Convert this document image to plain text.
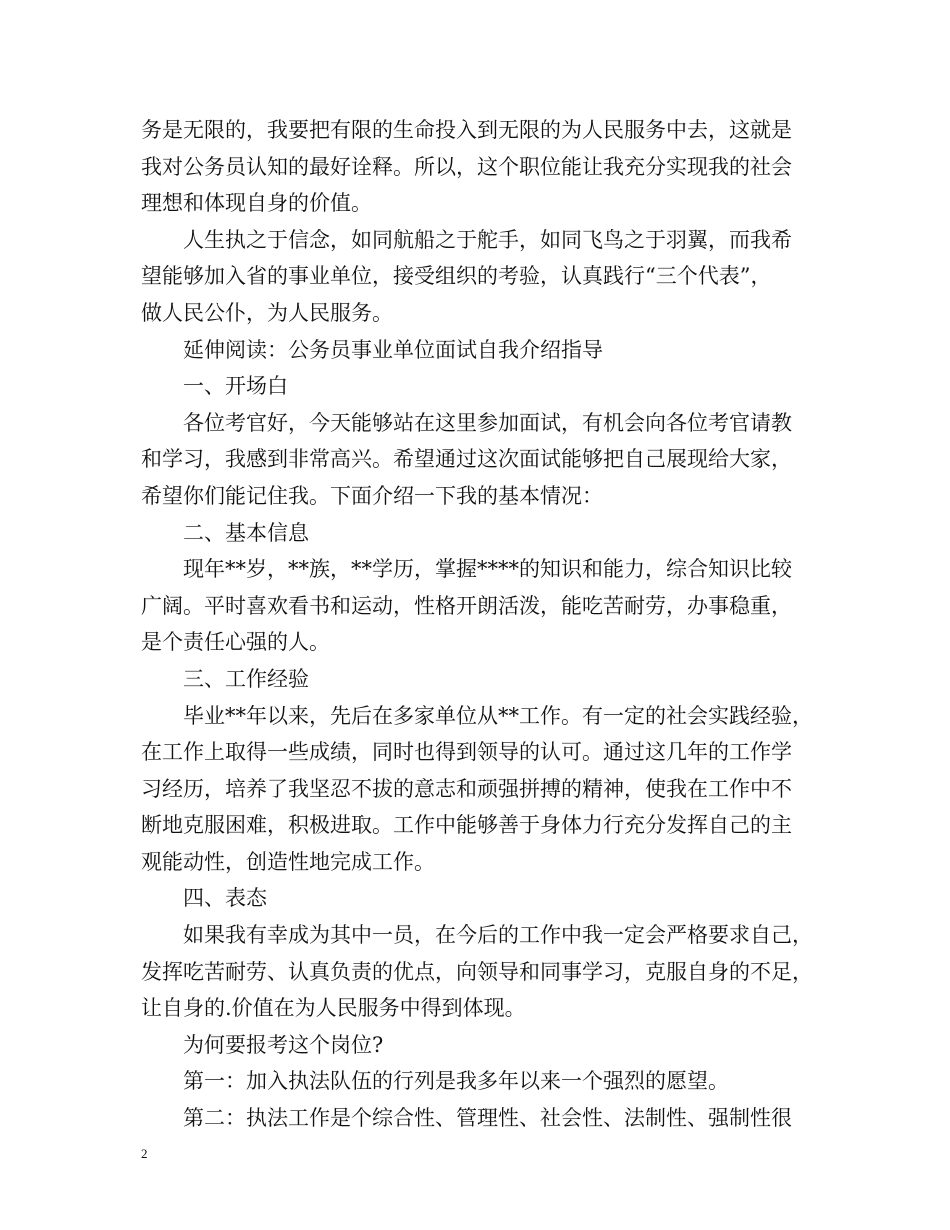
务是无限的，我要把有限的生命投入到无限的为人民服务中去，这就是
我对公务员认知的最好诠释。所以，这个职位能让我充分实现我的社会
理想和体现自身的价值。
人生执之于信念，如同航船之于舵手，如同飞鸟之于羽翼，而我希
望能够加入省的事业单位，接受组织的考验，认真践行“三个代表”，
做人民公仆，为人民服务。
延伸阅读：公务员事业单位面试自我介绍指导
一、开场白
各位考官好，今天能够站在这里参加面试，有机会向各位考官请教
和学习，我感到非常高兴。希望通过这次面试能够把自己展现给大家，
希望你们能记住我。下面介绍一下我的基本情况：
二、基本信息
现年**岁，**族，**学历，掌握****的知识和能力，综合知识比较
广阔。平时喜欢看书和运动，性格开朗活泼，能吃苦耐劳，办事稳重，
是个责任心强的人。
三、工作经验
毕业**年以来，先后在多家单位从**工作。有一定的社会实践经验，
在工作上取得一些成绩，同时也得到领导的认可。通过这几年的工作学
习经历，培养了我坚忍不拔的意志和顽强拼搏的精神，使我在工作中不
断地克服困难，积极进取。工作中能够善于身体力行充分发挥自己的主
观能动性，创造性地完成工作。
四、表态
如果我有幸成为其中一员，在今后的工作中我一定会严格要求自己，
发挥吃苦耐劳、认真负责的优点，向领导和同事学习，克服自身的不足，
让自身的.价值在为人民服务中得到体现。
为何要报考这个岗位?
第一：加入执法队伍的行列是我多年以来一个强烈的愿望。
第二：执法工作是个综合性、管理性、社会性、法制性、强制性很
2
